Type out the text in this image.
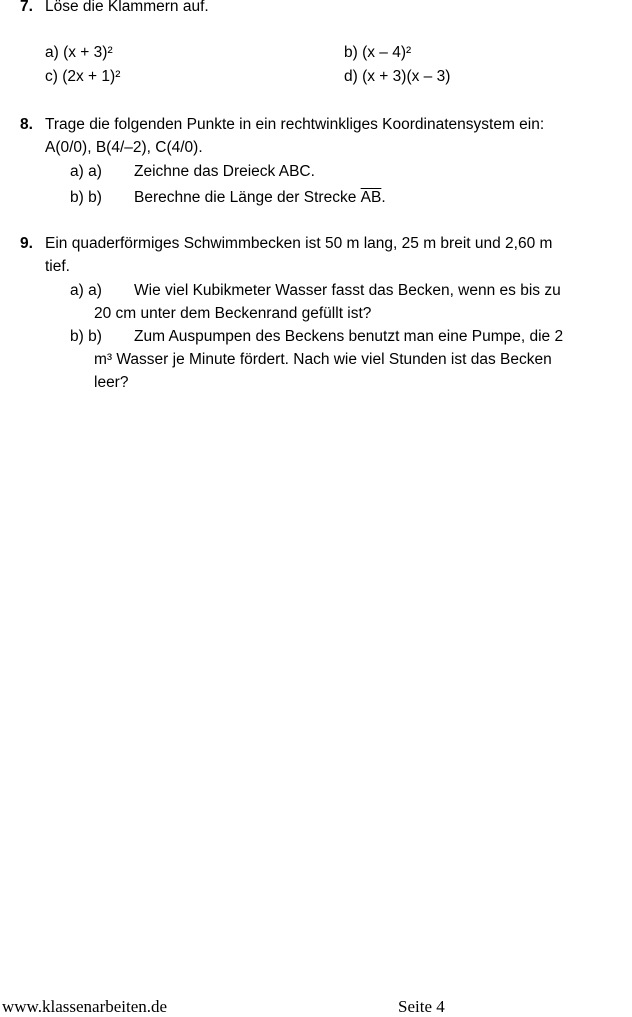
7. Löse die Klammern auf.
a) (x + 3)²	b) (x – 4)²
c) (2x + 1)²	d) (x + 3)(x – 3)
8. Trage die folgenden Punkte in ein rechtwinkliges Koordinatensystem ein:
A(0/0), B(4/–2), C(4/0).
a) a) Zeichne das Dreieck ABC.
b) b) Berechne die Länge der Strecke $\overline{AB}$.
9. Ein quaderförmiges Schwimmbecken ist 50 m lang, 25 m breit und 2,60 m
tief.
a) a) Wie viel Kubikmeter Wasser fasst das Becken, wenn es bis zu
20 cm unter dem Beckenrand gefüllt ist?
b) b) Zum Auspumpen des Beckens benutzt man eine Pumpe, die 2
m³ Wasser je Minute fördert. Nach wie viel Stunden ist das Becken
leer?
www.klassenarbeiten.de	Seite 4
